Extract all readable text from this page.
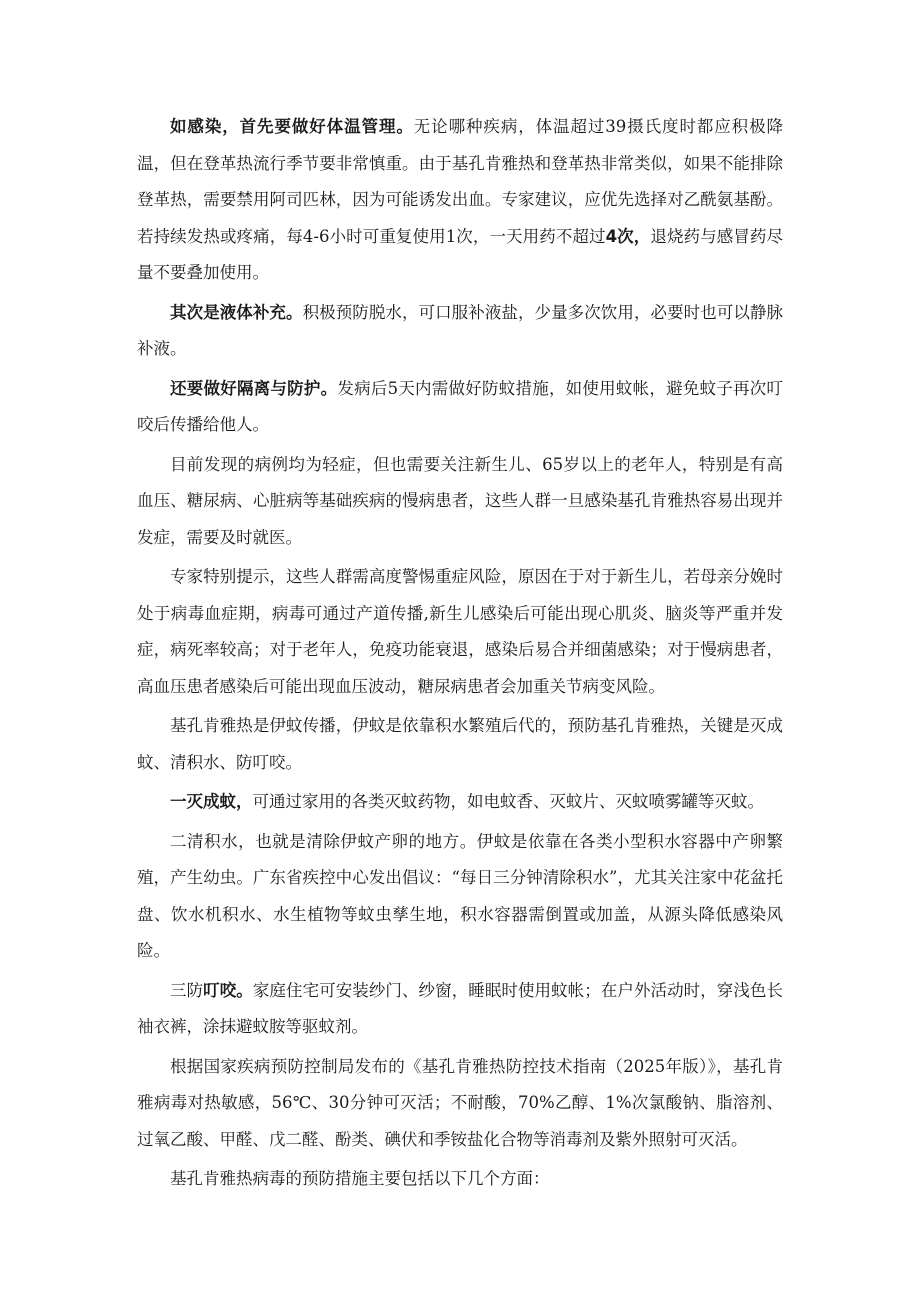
如感染，首先要做好体温管理。无论哪种疾病，体温超过39摄氏度时都应积极降温，但在登革热流行季节要非常慎重。由于基孔肯雅热和登革热非常类似，如果不能排除登革热，需要禁用阿司匹林，因为可能诱发出血。专家建议，应优先选择对乙酰氨基酚。若持续发热或疼痛，每4-6小时可重复使用1次，一天用药不超过4次，退烧药与感冒药尽量不要叠加使用。

其次是液体补充。积极预防脱水，可口服补液盐，少量多次饮用，必要时也可以静脉补液。

还要做好隔离与防护。发病后5天内需做好防蚊措施，如使用蚊帐，避免蚊子再次叮咬后传播给他人。

目前发现的病例均为轻症，但也需要关注新生儿、65岁以上的老年人，特别是有高血压、糖尿病、心脏病等基础疾病的慢病患者，这些人群一旦感染基孔肯雅热容易出现并发症，需要及时就医。

专家特别提示，这些人群需高度警惕重症风险，原因在于对于新生儿，若母亲分娩时处于病毒血症期，病毒可通过产道传播,新生儿感染后可能出现心肌炎、脑炎等严重并发症，病死率较高；对于老年人，免疫功能衰退，感染后易合并细菌感染；对于慢病患者，高血压患者感染后可能出现血压波动，糖尿病患者会加重关节病变风险。

基孔肯雅热是伊蚊传播，伊蚊是依靠积水繁殖后代的，预防基孔肯雅热，关键是灭成蚊、清积水、防叮咬。

一灭成蚊，可通过家用的各类灭蚊药物，如电蚊香、灭蚊片、灭蚊喷雾罐等灭蚊。

二清积水，也就是清除伊蚊产卵的地方。伊蚊是依靠在各类小型积水容器中产卵繁殖，产生幼虫。广东省疾控中心发出倡议：“每日三分钟清除积水”，尤其关注家中花盆托盘、饮水机积水、水生植物等蚊虫孳生地，积水容器需倒置或加盖，从源头降低感染风险。

三防叮咬。家庭住宅可安装纱门、纱窗，睡眠时使用蚊帐；在户外活动时，穿浅色长袖衣裤，涂抹避蚊胺等驱蚊剂。

根据国家疾病预防控制局发布的《基孔肯雅热防控技术指南（2025年版）》，基孔肯雅病毒对热敏感，56℃、30分钟可灭活；不耐酸，70%乙醇、1%次氯酸钠、脂溶剂、过氧乙酸、甲醛、戊二醛、酚类、碘伏和季铵盐化合物等消毒剂及紫外照射可灭活。

基孔肯雅热病毒的预防措施主要包括以下几个方面：
